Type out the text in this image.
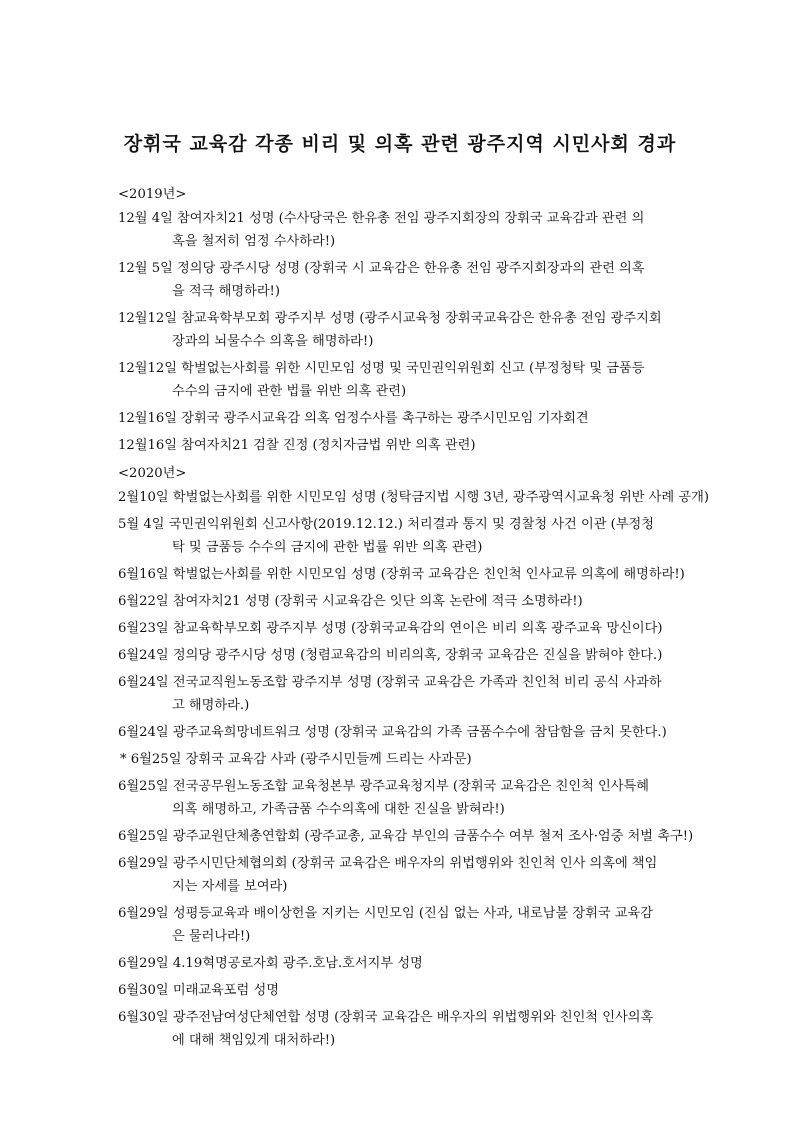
장휘국 교육감 각종 비리 및 의혹 관련 광주지역 시민사회 경과
<2019년>
12월 4일 참여자치21 성명 (수사당국은 한유총 전임 광주지회장의 장휘국 교육감과 관련 의
혹을 철저히 엄정 수사하라!)
12월 5일 정의당 광주시당 성명 (장휘국 시 교육감은 한유총 전임 광주지회장과의 관련 의혹
을 적극 해명하라!)
12월12일 참교육학부모회 광주지부 성명 (광주시교육청 장휘국교육감은 한유총 전임 광주지회
장과의 뇌물수수 의혹을 해명하라!)
12월12일 학벌없는사회를 위한 시민모임 성명 및 국민권익위원회 신고 (부정청탁 및 금품등
수수의 금지에 관한 법률 위반 의혹 관련)
12월16일 장휘국 광주시교육감 의혹 엄정수사를 촉구하는 광주시민모임 기자회견
12월16일 참여자치21 검찰 진정 (정치자금법 위반 의혹 관련)
<2020년>
2월10일 학벌없는사회를 위한 시민모임 성명 (청탁금지법 시행 3년, 광주광역시교육청 위반 사례 공개)
5월 4일 국민권익위원회 신고사항(2019.12.12.) 처리결과 통지 및 경찰청 사건 이관 (부정청
탁 및 금품등 수수의 금지에 관한 법률 위반 의혹 관련)
6월16일 학벌없는사회를 위한 시민모임 성명 (장휘국 교육감은 친인척 인사교류 의혹에 해명하라!)
6월22일 참여자치21 성명 (장휘국 시교육감은 잇단 의혹 논란에 적극 소명하라!)
6월23일 참교육학부모회 광주지부 성명 (장휘국교육감의 연이은 비리 의혹 광주교육 망신이다)
6월24일 정의당 광주시당 성명 (청렴교육감의 비리의혹, 장휘국 교육감은 진실을 밝혀야 한다.)
6월24일 전국교직원노동조합 광주지부 성명 (장휘국 교육감은 가족과 친인척 비리 공식 사과하
고 해명하라.)
6월24일 광주교육희망네트워크 성명 (장휘국 교육감의 가족 금품수수에 참담함을 금치 못한다.)
* 6월25일 장휘국 교육감 사과 (광주시민들께 드리는 사과문)
6월25일 전국공무원노동조합 교육청본부 광주교육청지부 (장휘국 교육감은 친인척 인사특혜
의혹 해명하고, 가족금품 수수의혹에 대한 진실을 밝혀라!)
6월25일 광주교원단체총연합회 (광주교총, 교육감 부인의 금품수수 여부 철저 조사·엄중 처벌 촉구!)
6월29일 광주시민단체협의회 (장휘국 교육감은 배우자의 위법행위와 친인척 인사 의혹에 책임
지는 자세를 보여라)
6월29일 성평등교육과 배이상헌을 지키는 시민모임 (진심 없는 사과, 내로남불 장휘국 교육감
은 물러나라!)
6월29일 4.19혁명공로자회 광주.호남.호서지부 성명
6월30일 미래교육포럼 성명
6월30일 광주전남여성단체연합 성명 (장휘국 교육감은 배우자의 위법행위와 친인척 인사의혹
에 대해 책임있게 대처하라!)
